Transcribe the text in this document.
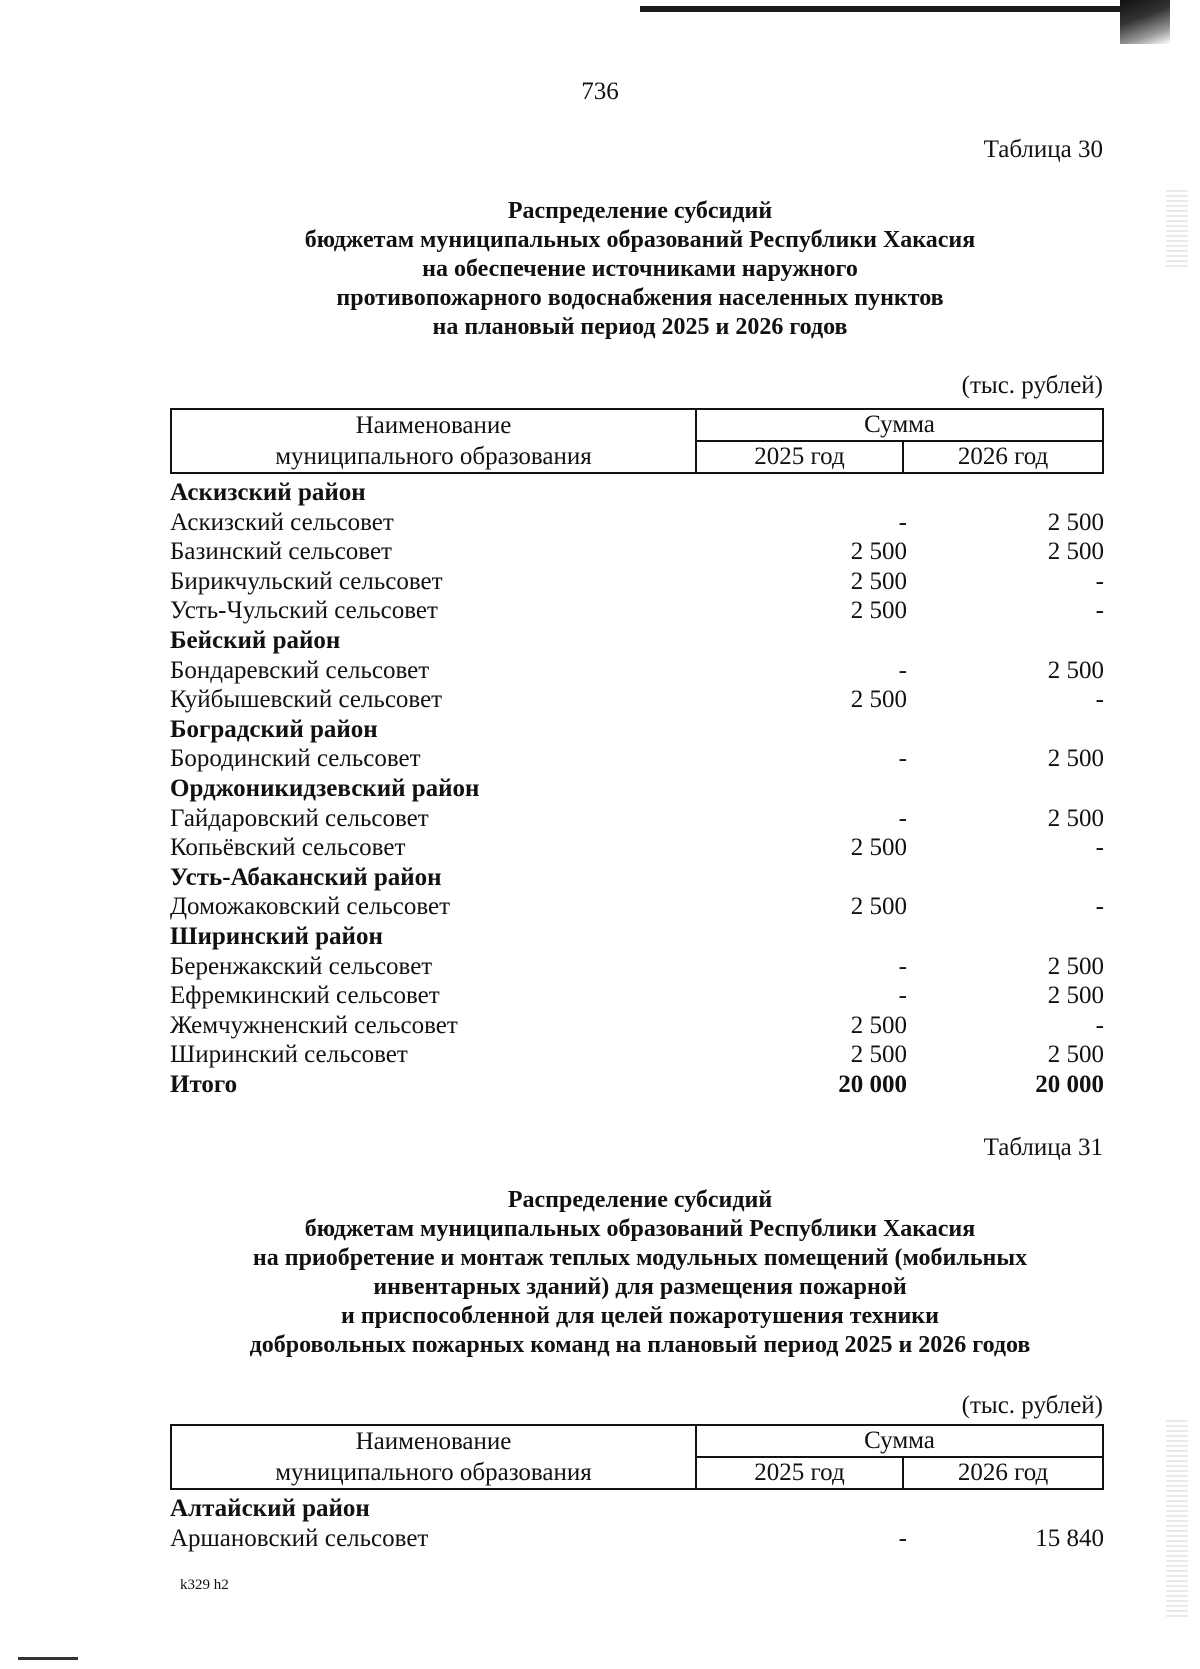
736
Таблица 30
Распределение субсидий
бюджетам муниципальных образований Республики Хакасия
на обеспечение источниками наружного
противопожарного водоснабжения населенных пунктов
на плановый период 2025 и 2026 годов
(тыс. рублей)
Наименование
муниципального образования	Сумма	
	2025 год	2026 год
Аскизский район
Аскизский сельсовет	-	2 500
Базинский сельсовет	2 500	2 500
Бирикчульский сельсовет	2 500	-
Усть-Чульский сельсовет	2 500	-
Бейский район
Бондаревский сельсовет	-	2 500
Куйбышевский сельсовет	2 500	-
Боградский район
Бородинский сельсовет	-	2 500
Орджоникидзевский район
Гайдаровский сельсовет	-	2 500
Копьёвский сельсовет	2 500	-
Усть-Абаканский район
Доможаковский сельсовет	2 500	-
Ширинский район
Беренжакский сельсовет	-	2 500
Ефремкинский сельсовет	-	2 500
Жемчужненский сельсовет	2 500	-
Ширинский сельсовет	2 500	2 500
Итого	20 000	20 000
Таблица 31
Распределение субсидий
бюджетам муниципальных образований Республики Хакасия
на приобретение и монтаж теплых модульных помещений (мобильных
инвентарных зданий) для размещения пожарной
и приспособленной для целей пожаротушения техники
добровольных пожарных команд на плановый период 2025 и 2026 годов
(тыс. рублей)
Наименование
муниципального образования	Сумма	
	2025 год	2026 год
Алтайский район
Аршановский сельсовет	-	15 840
k329 h2
